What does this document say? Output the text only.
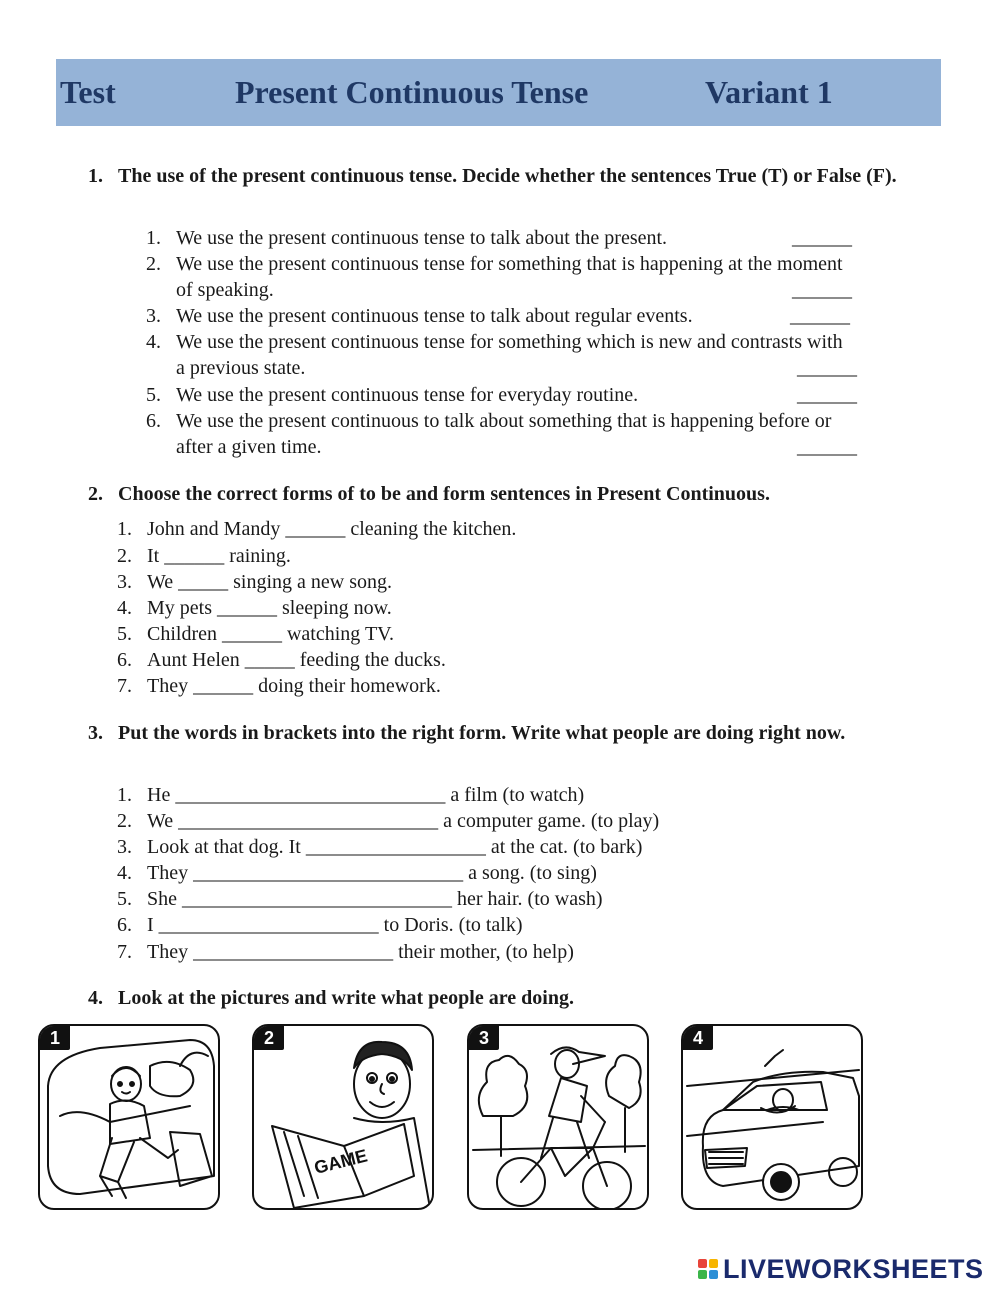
Test	Present Continuous Tense	Variant 1
1. The use of the present continuous tense. Decide whether the sentences True (T) or False (F).
1. We use the present continuous tense to talk about the present.	______
2. We use the present continuous tense for something that is happening at the moment
of speaking.	______
3. We use the present continuous tense to talk about regular events.	______
4. We use the present continuous tense for something which is new and contrasts with
a previous state.	______
5. We use the present continuous tense for everyday routine.	______
6. We use the present continuous to talk about something that is happening before or
after a given time.	______
2. Choose the correct forms of to be and form sentences in Present Continuous.
1. John and Mandy ______ cleaning the kitchen.
2. It ______ raining.
3. We _____ singing a new song.
4. My pets ______ sleeping now.
5. Children ______ watching TV.
6. Aunt Helen _____ feeding the ducks.
7. They ______ doing their homework.
3. Put the words in brackets into the right form. Write what people are doing right now.
1. He ___________________________ a film (to watch)
2. We __________________________ a computer game. (to play)
3. Look at that dog. It __________________ at the cat. (to bark)
4. They ___________________________ a song. (to sing)
5. She ___________________________ her hair. (to wash)
6. I ______________________ to Doris. (to talk)
7. They ____________________ their mother, (to help)
4. Look at the pictures and write what people are doing.
1
GAME
2	3	4
LIVEWORKSHEETS
